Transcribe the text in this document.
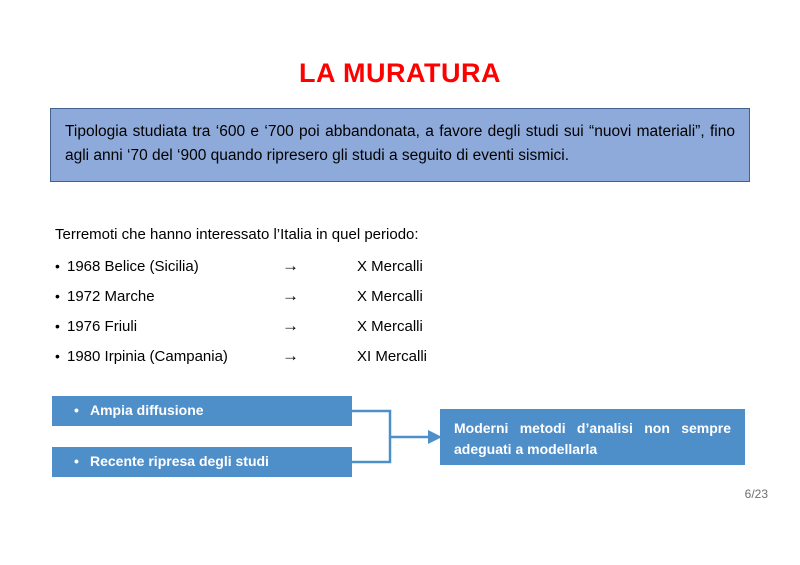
LA MURATURA

Tipologia studiata tra ‘600 e ‘700 poi abbandonata, a favore degli studi sui “nuovi materiali”, fino agli anni ‘70 del ‘900 quando ripresero gli studi a seguito di eventi sismici.

Terremoti che hanno interessato l’Italia in quel periodo:
• 1968 Belice (Sicilia)	→	X Mercalli
• 1972 Marche	→	X Mercalli
• 1976 Friuli	→	X Mercalli
• 1980 Irpinia (Campania)	→	XI Mercalli
• Ampia diffusione
• Recente ripresa degli studi
Moderni metodi d’analisi non sempre adeguati a modellarla
6/23
